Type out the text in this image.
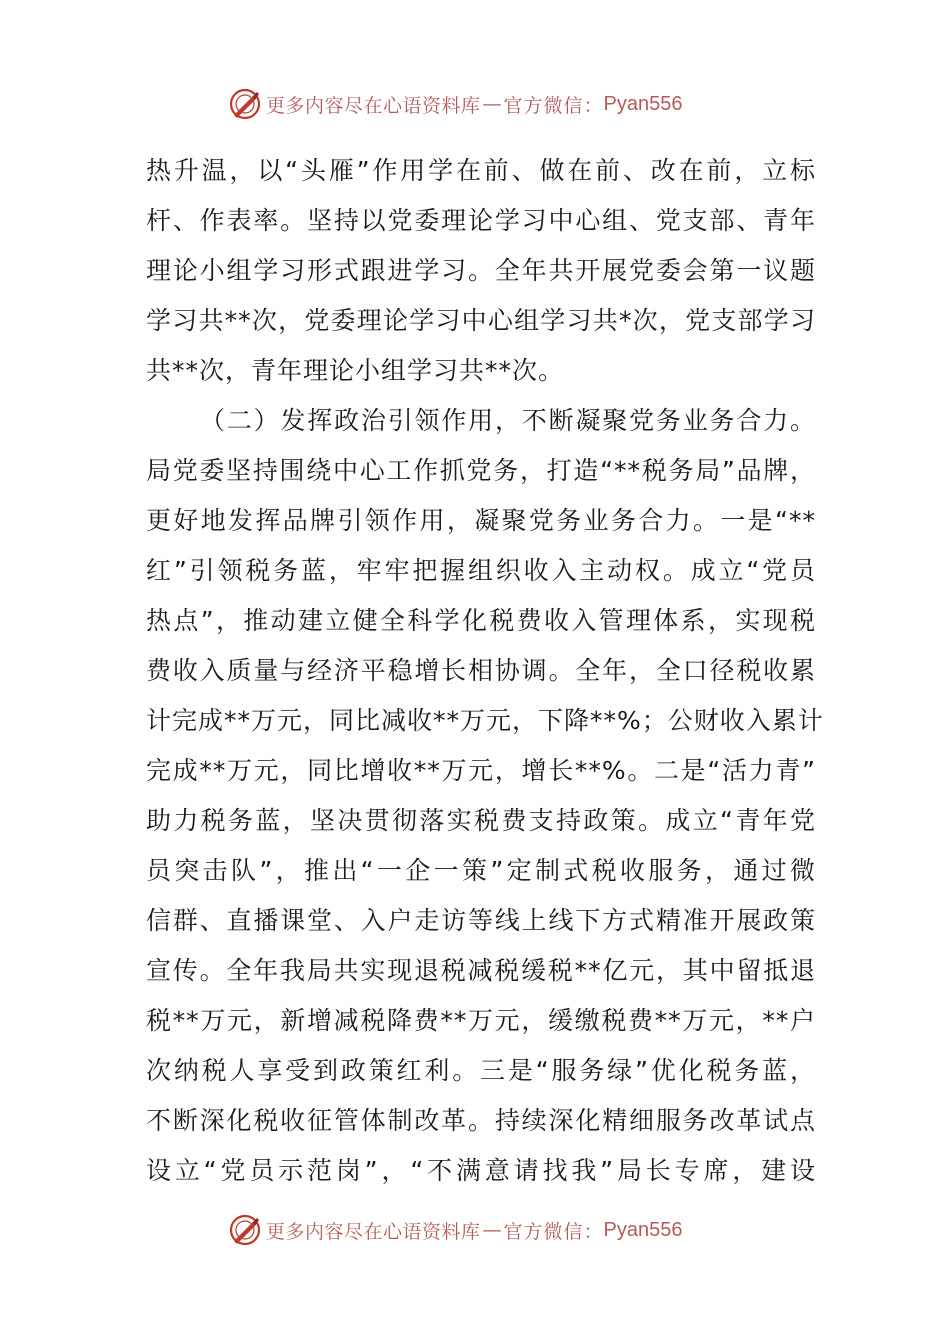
更多内容尽在心语资料库 — 官方微信： Pyan556
热升温，以“头雁”作用学在前、做在前、改在前，立标
杆、作表率。坚持以党委理论学习中心组、党支部、青年
理论小组学习形式跟进学习。全年共开展党委会第一议题
学习共**次，党委理论学习中心组学习共*次，党支部学习
共**次，青年理论小组学习共**次。
（二）发挥政治引领作用，不断凝聚党务业务合力。
局党委坚持围绕中心工作抓党务，打造“**税务局”品牌，
更好地发挥品牌引领作用，凝聚党务业务合力。一是“**
红”引领税务蓝，牢牢把握组织收入主动权。成立“党员
热点”，推动建立健全科学化税费收入管理体系，实现税
费收入质量与经济平稳增长相协调。全年，全口径税收累
计完成**万元，同比减收**万元，下降**%；公财收入累计
完成**万元，同比增收**万元，增长**%。二是“活力青”
助力税务蓝，坚决贯彻落实税费支持政策。成立“青年党
员突击队”，推出“一企一策”定制式税收服务，通过微
信群、直播课堂、入户走访等线上线下方式精准开展政策
宣传。全年我局共实现退税减税缓税**亿元，其中留抵退
税**万元，新增减税降费**万元，缓缴税费**万元，**户
次纳税人享受到政策红利。三是“服务绿”优化税务蓝，
不断深化税收征管体制改革。持续深化精细服务改革试点
设立“党员示范岗”，“不满意请找我”局长专席，建设
更多内容尽在心语资料库 — 官方微信： Pyan556
